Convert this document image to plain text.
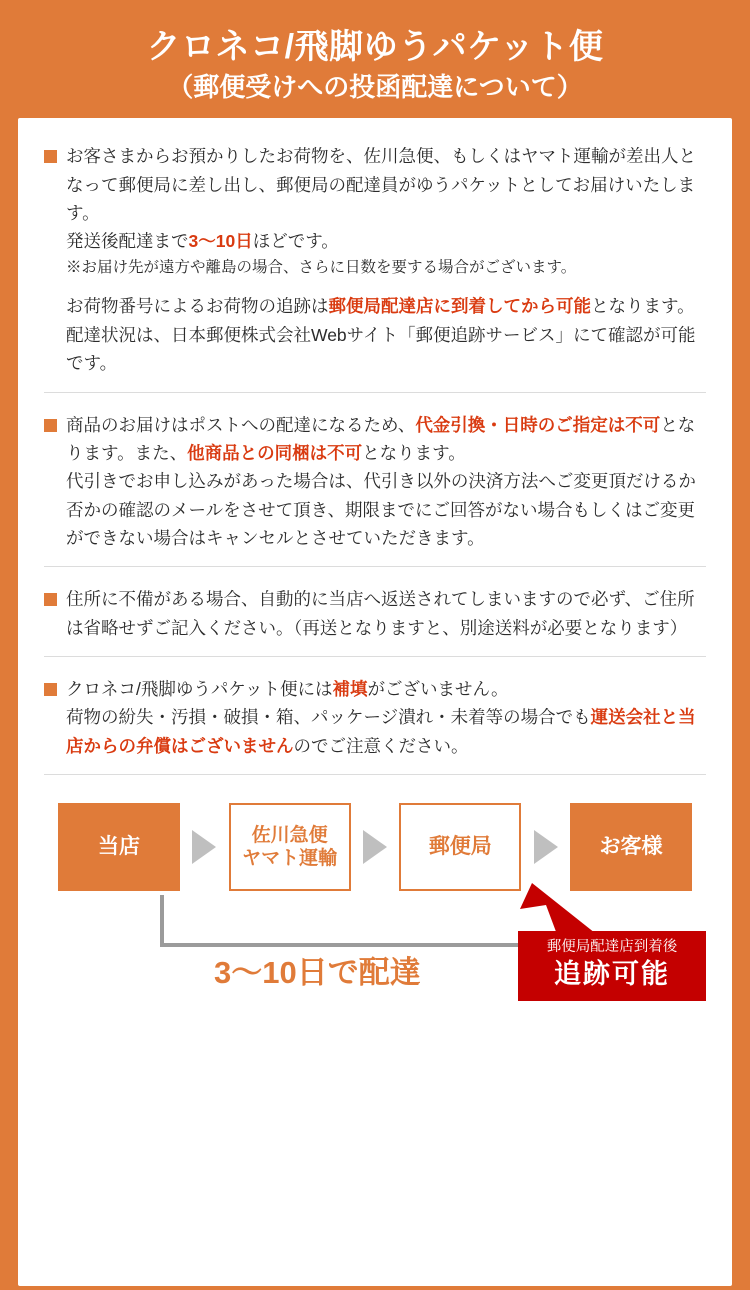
クロネコ/飛脚ゆうパケット便
（郵便受けへの投函配達について）
お客さまからお預かりしたお荷物を、佐川急便、もしくはヤマト運輸が差出人となって郵便局に差し出し、郵便局の配達員がゆうパケットとしてお届けいたします。
発送後配達まで3〜10日ほどです。
※お届け先が遠方や離島の場合、さらに日数を要する場合がございます。
お荷物番号によるお荷物の追跡は郵便局配達店に到着してから可能となります。
配達状況は、日本郵便株式会社Webサイト「郵便追跡サービス」にて確認が可能です。
商品のお届けはポストへの配達になるため、代金引換・日時のご指定は不可となります。また、他商品との同梱は不可となります。
代引きでお申し込みがあった場合は、代引き以外の決済方法へご変更頂だけるか否かの確認のメールをさせて頂き、期限までにご回答がない場合もしくはご変更ができない場合はキャンセルとさせていただきます。
住所に不備がある場合、自動的に当店へ返送されてしまいますので必ず、ご住所は省略せずご記入ください。（再送となりますと、別途送料が必要となります）
クロネコ/飛脚ゆうパケット便には補填がございません。
荷物の紛失・汚損・破損・箱、パッケージ潰れ・未着等の場合でも運送会社と当店からの弁償はございませんのでご注意ください。
当店	佐川急便
ヤマト運輸
郵便局	お客様
3〜10日で配達
郵便局配達店到着後
追跡可能
